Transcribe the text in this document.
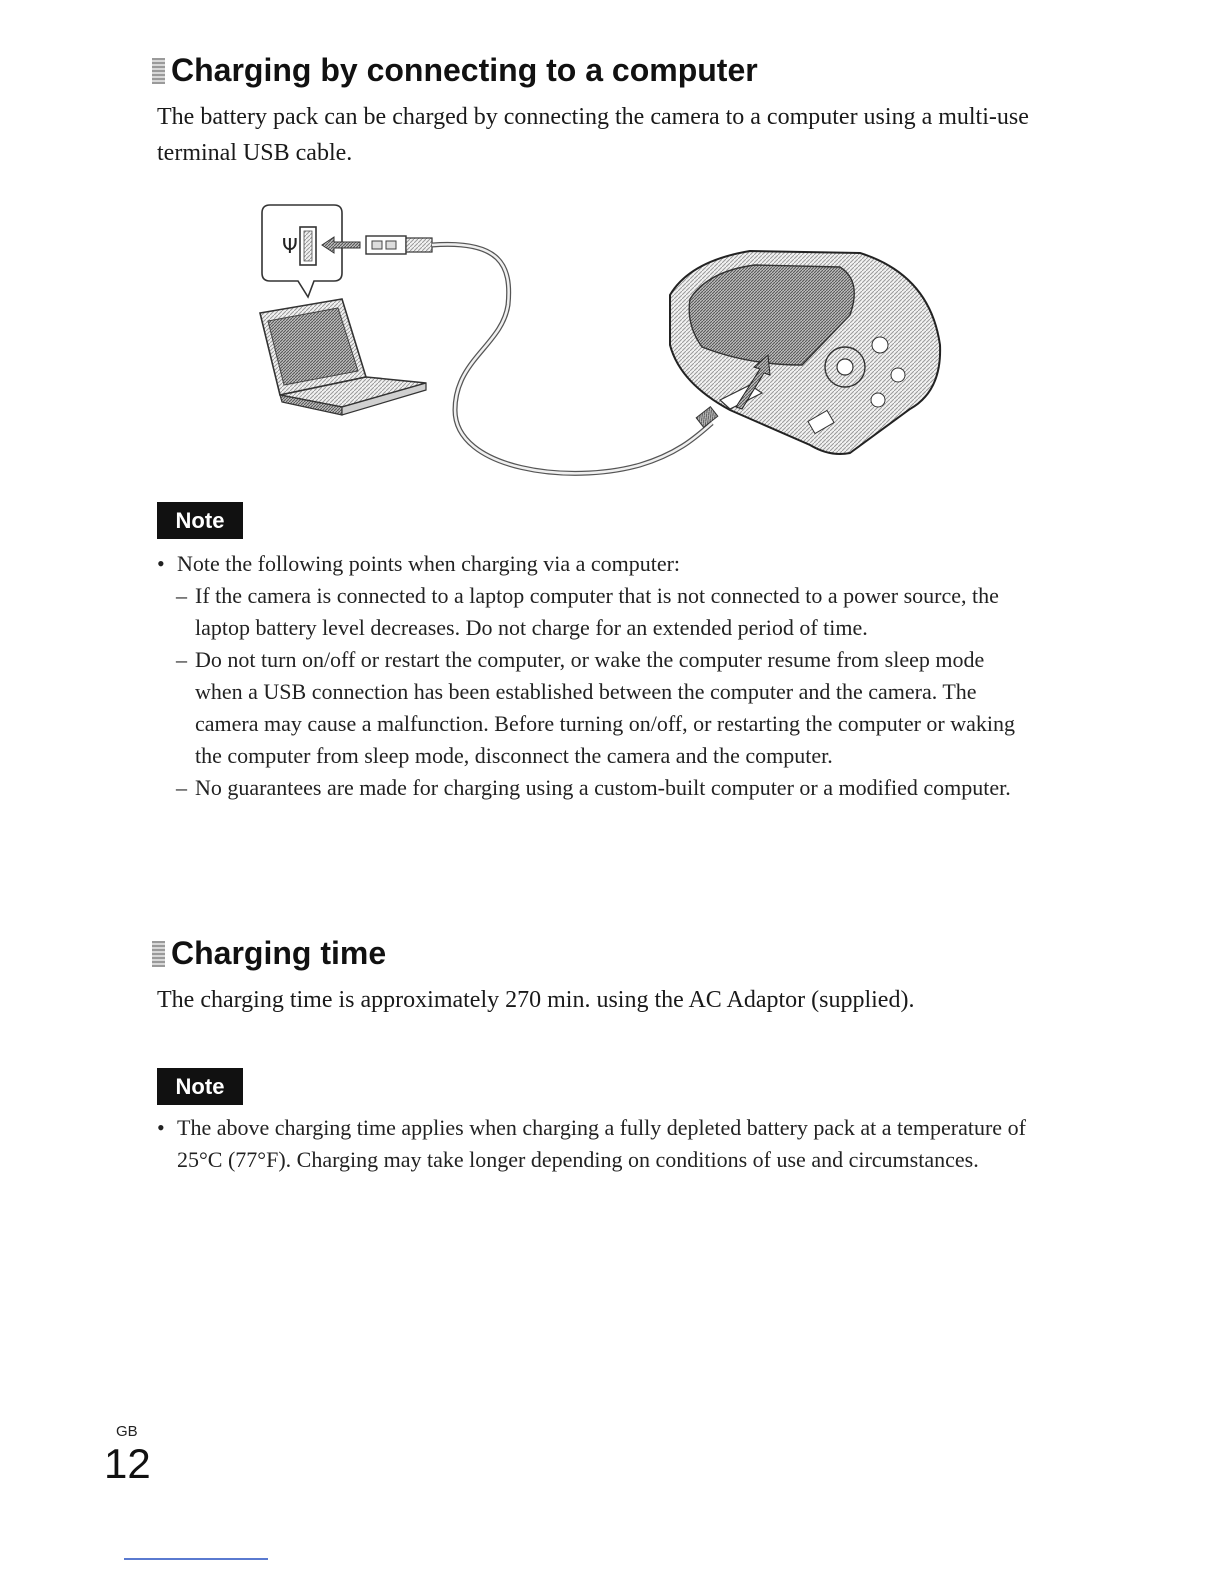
Charging by connecting to a computer

The battery pack can be charged by connecting the camera to a computer using a multi-use terminal USB cable.

Ψ
Note
• Note the following points when charging via a computer:
– If the camera is connected to a laptop computer that is not connected to a power source, the laptop battery level decreases. Do not charge for an extended period of time.
– Do not turn on/off or restart the computer, or wake the computer resume from sleep mode when a USB connection has been established between the computer and the camera. The camera may cause a malfunction. Before turning on/off, or restarting the computer or waking the computer from sleep mode, disconnect the camera and the computer.
– No guarantees are made for charging using a custom-built computer or a modified computer.
Charging time

The charging time is approximately 270 min. using the AC Adaptor (supplied).

Note
• The above charging time applies when charging a fully depleted battery pack at a temperature of 25°C (77°F). Charging may take longer depending on conditions of use and circumstances.
GB
12
